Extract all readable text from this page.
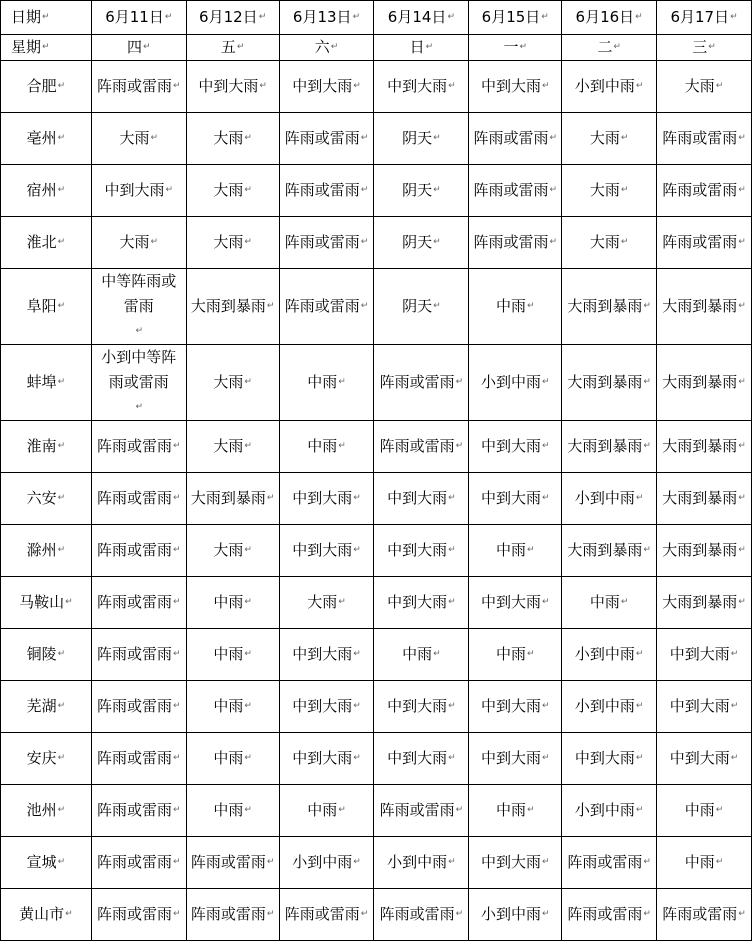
日期↵	6月11日↵	6月12日↵	6月13日↵	6月14日↵	6月15日↵	6月16日↵	6月17日↵
星期↵	四↵	五↵	六↵	日↵	一↵	二↵	三↵
合肥↵	阵雨或雷雨↵	中到大雨↵	中到大雨↵	中到大雨↵	中到大雨↵	小到中雨↵	大雨↵
亳州↵	大雨↵	大雨↵	阵雨或雷雨↵	阴天↵	阵雨或雷雨↵	大雨↵	阵雨或雷雨↵
宿州↵	中到大雨↵	大雨↵	阵雨或雷雨↵	阴天↵	阵雨或雷雨↵	大雨↵	阵雨或雷雨↵
淮北↵	大雨↵	大雨↵	阵雨或雷雨↵	阴天↵	阵雨或雷雨↵	大雨↵	阵雨或雷雨↵
阜阳↵	中等阵雨或雷雨↵	大雨到暴雨↵	阵雨或雷雨↵	阴天↵	中雨↵	大雨到暴雨↵	大雨到暴雨↵
蚌埠↵	小到中等阵雨或雷雨↵	大雨↵	中雨↵	阵雨或雷雨↵	小到中雨↵	大雨到暴雨↵	大雨到暴雨↵
淮南↵	阵雨或雷雨↵	大雨↵	中雨↵	阵雨或雷雨↵	中到大雨↵	大雨到暴雨↵	大雨到暴雨↵
六安↵	阵雨或雷雨↵	大雨到暴雨↵	中到大雨↵	中到大雨↵	中到大雨↵	小到中雨↵	大雨到暴雨↵
滁州↵	阵雨或雷雨↵	大雨↵	中到大雨↵	中到大雨↵	中雨↵	大雨到暴雨↵	大雨到暴雨↵
马鞍山↵	阵雨或雷雨↵	中雨↵	大雨↵	中到大雨↵	中到大雨↵	中雨↵	大雨到暴雨↵
铜陵↵	阵雨或雷雨↵	中雨↵	中到大雨↵	中雨↵	中雨↵	小到中雨↵	中到大雨↵
芜湖↵	阵雨或雷雨↵	中雨↵	中到大雨↵	中到大雨↵	中到大雨↵	小到中雨↵	中到大雨↵
安庆↵	阵雨或雷雨↵	中雨↵	中到大雨↵	中到大雨↵	中到大雨↵	中到大雨↵	中到大雨↵
池州↵	阵雨或雷雨↵	中雨↵	中雨↵	阵雨或雷雨↵	中雨↵	小到中雨↵	中雨↵
宣城↵	阵雨或雷雨↵	阵雨或雷雨↵	小到中雨↵	小到中雨↵	中到大雨↵	阵雨或雷雨↵	中雨↵
黄山市↵	阵雨或雷雨↵	阵雨或雷雨↵	阵雨或雷雨↵	阵雨或雷雨↵	小到中雨↵	阵雨或雷雨↵	阵雨或雷雨↵
